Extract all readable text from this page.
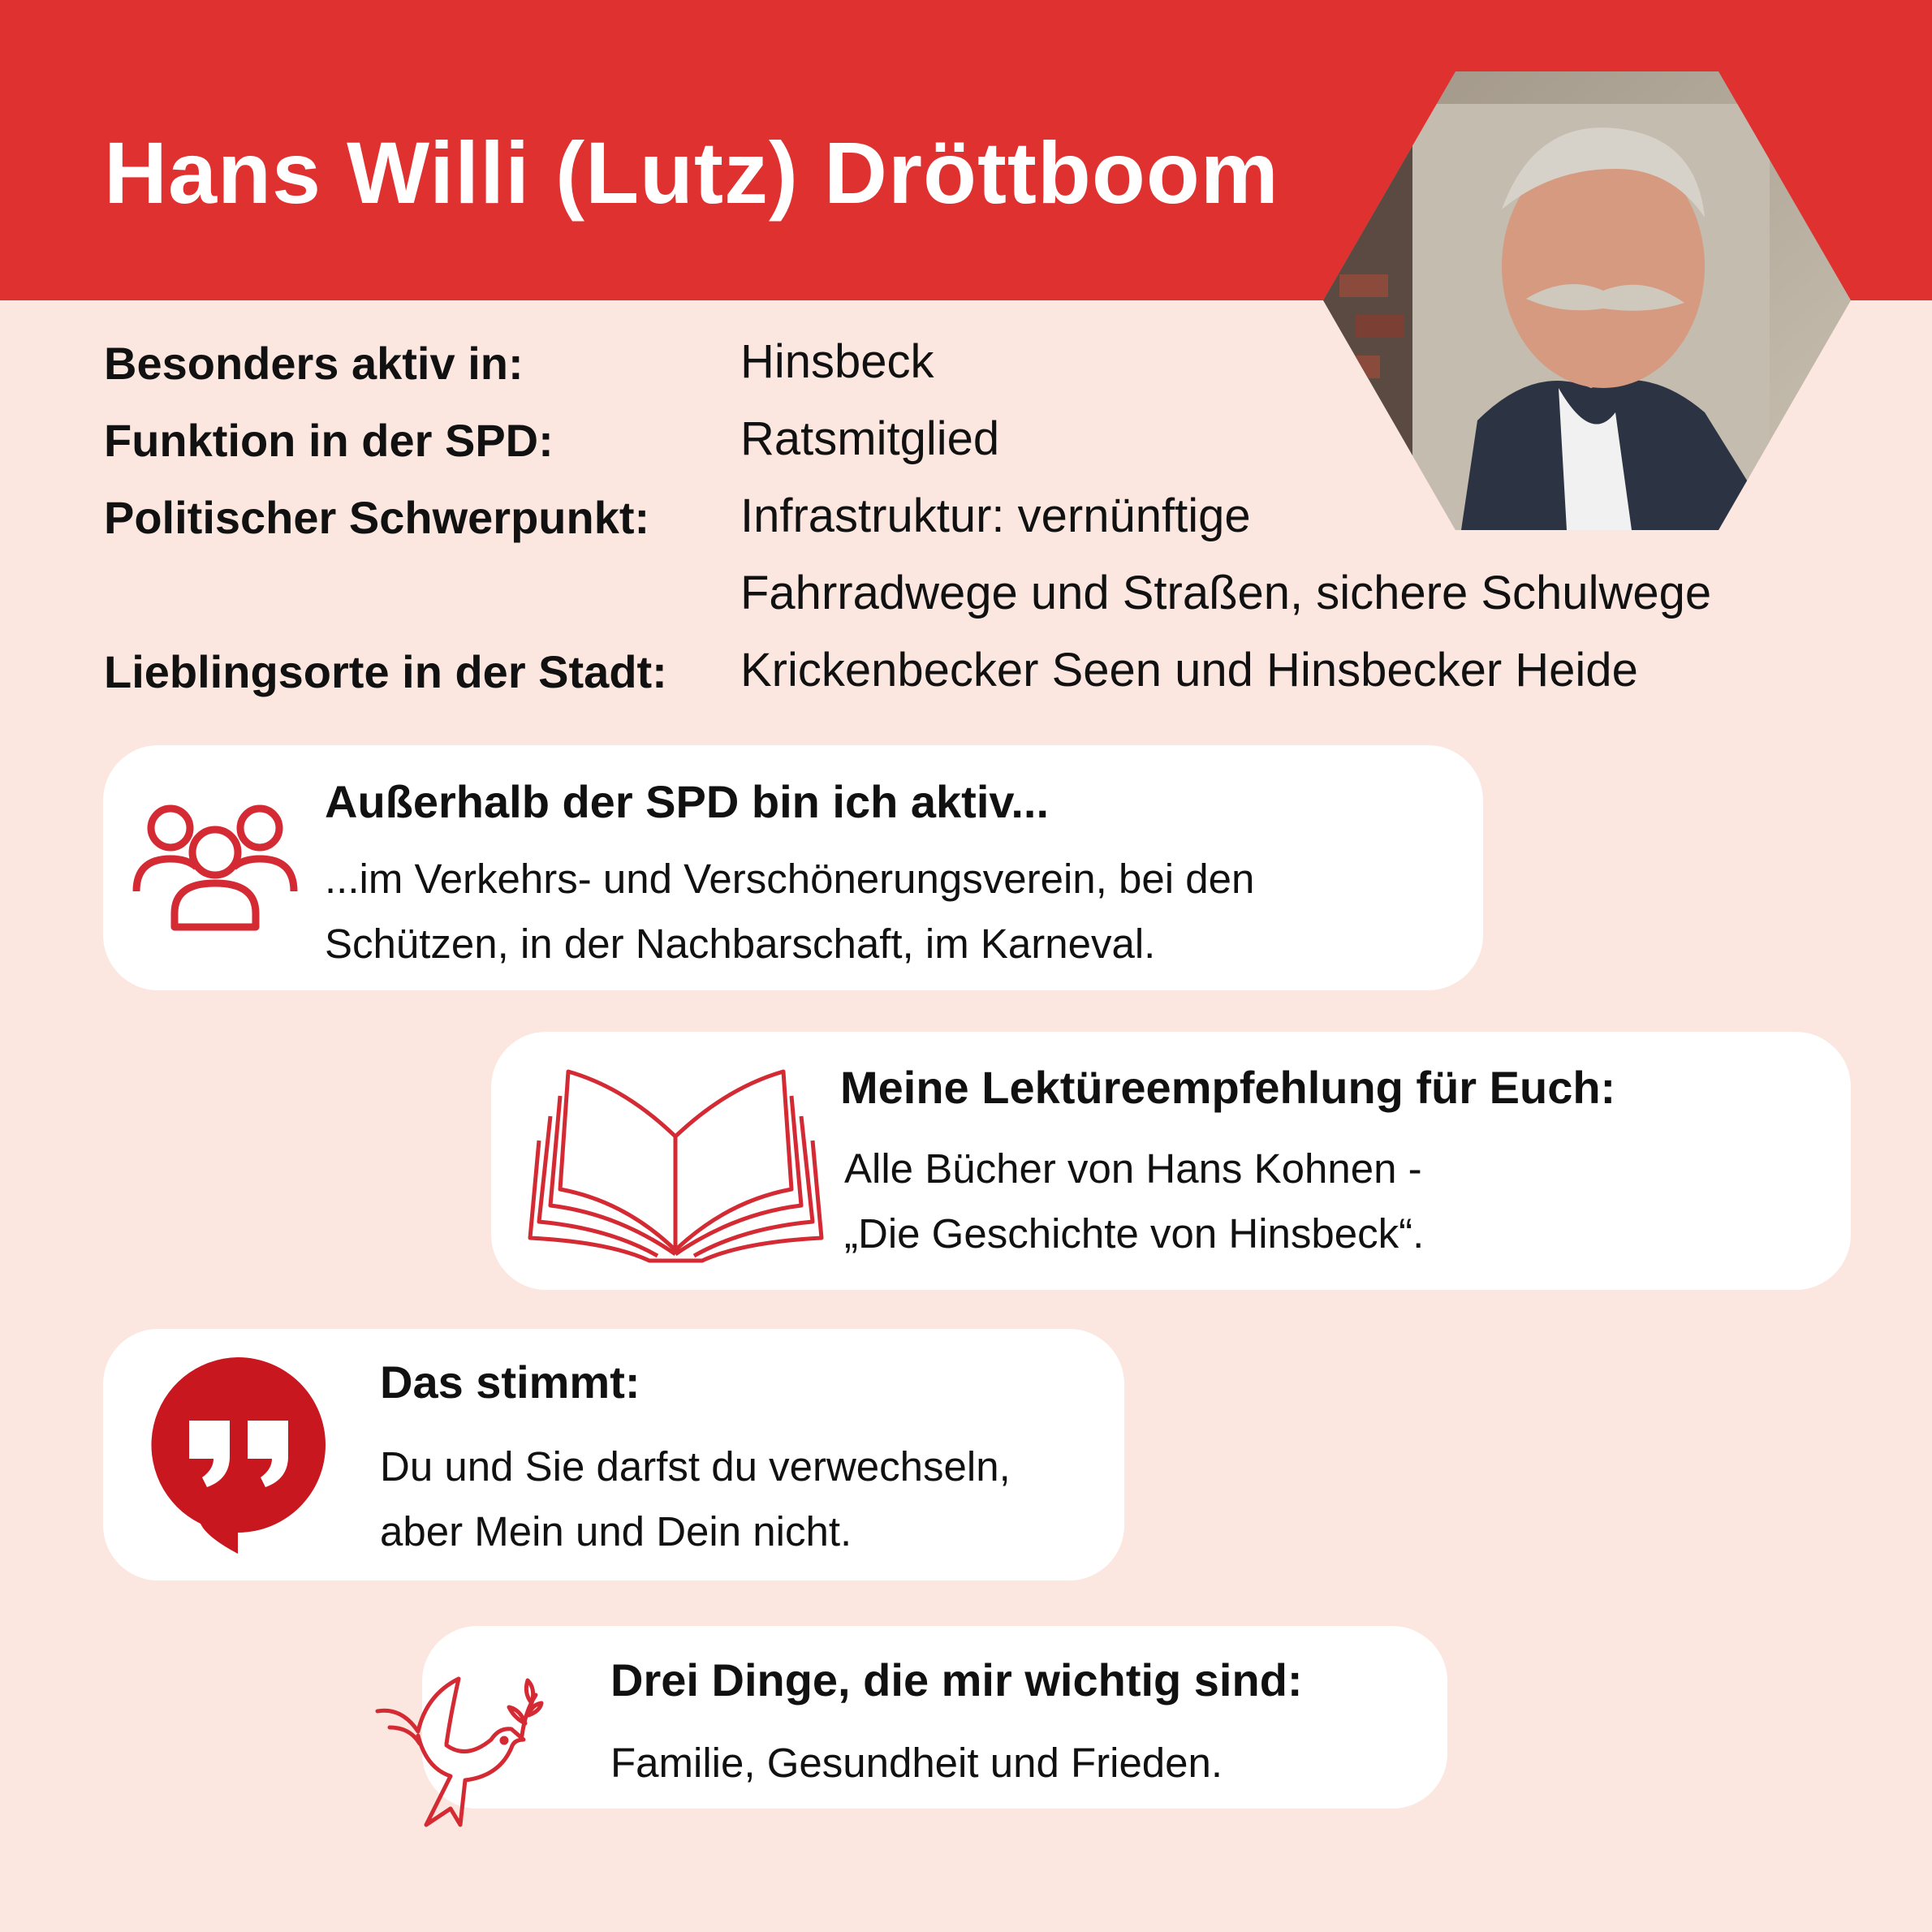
Hans Willi (Lutz) Dröttboom
Besonders aktiv in:
Funktion in der SPD:
Politischer Schwerpunkt:
Lieblingsorte in der Stadt:
Hinsbeck
Ratsmitglied
Infrastruktur: vernünftige
Fahrradwege und Straßen, sichere Schulwege
Krickenbecker Seen und Hinsbecker Heide
Außerhalb der SPD bin ich aktiv...
...im Verkehrs- und Verschönerungsverein, bei den
Schützen, in der Nachbarschaft, im Karneval.
Meine Lektüreempfehlung für Euch:
Alle Bücher von Hans Kohnen -
„Die Geschichte von Hinsbeck“.
Das stimmt:
Du und Sie darfst du verwechseln,
aber Mein und Dein nicht.
Drei Dinge, die mir wichtig sind:
Familie, Gesundheit und Frieden.
